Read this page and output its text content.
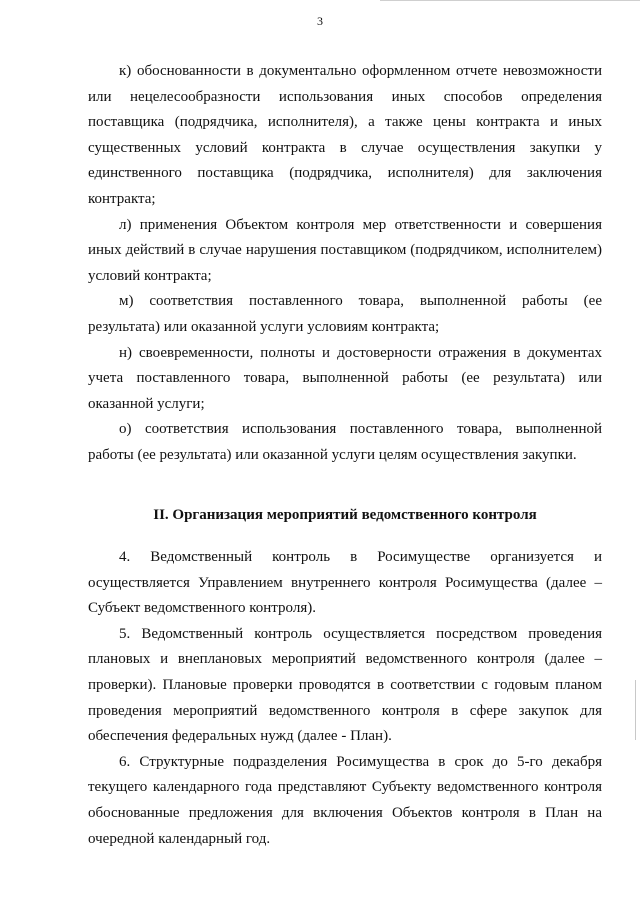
3

к) обоснованности в документально оформленном отчете невозможности или нецелесообразности использования иных способов определения поставщика (подрядчика, исполнителя), а также цены контракта и иных существенных условий контракта в случае осуществления закупки у единственного поставщика (подрядчика, исполнителя) для заключения контракта;

л) применения Объектом контроля мер ответственности и совершения иных действий в случае нарушения поставщиком (подрядчиком, исполнителем) условий контракта;

м) соответствия поставленного товара, выполненной работы (ее результата) или оказанной услуги условиям контракта;

н) своевременности, полноты и достоверности отражения в документах учета поставленного товара, выполненной работы (ее результата) или оказанной услуги;

о) соответствия использования поставленного товара, выполненной работы (ее результата) или оказанной услуги целям осуществления закупки.

II. Организация мероприятий ведомственного контроля

4. Ведомственный контроль в Росимуществе организуется и осуществляется Управлением внутреннего контроля Росимущества (далее – Субъект ведомственного контроля).

5. Ведомственный контроль осуществляется посредством проведения плановых и внеплановых мероприятий ведомственного контроля (далее – проверки). Плановые проверки проводятся в соответствии с годовым планом проведения мероприятий ведомственного контроля в сфере закупок для обеспечения федеральных нужд (далее - План).

6. Структурные подразделения Росимущества в срок до 5-го декабря текущего календарного года представляют Субъекту ведомственного контроля обоснованные предложения для включения Объектов контроля в План на очередной календарный год.
